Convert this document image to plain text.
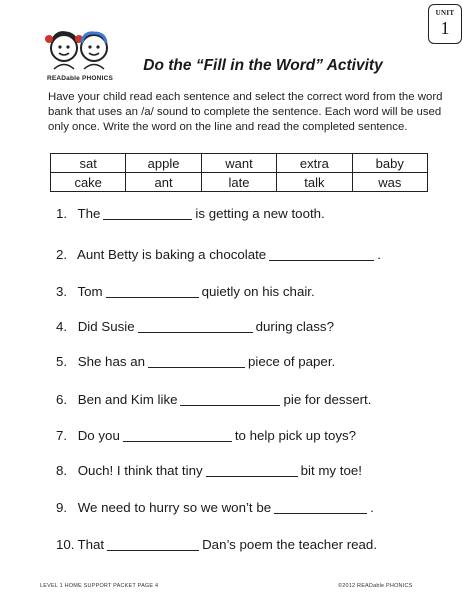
READable PHONICS
UNIT
1
Do the “Fill in the Word” Activity

Have your child read each sentence and select the correct word from the word bank that uses an /a/ sound to complete the sentence. Each word will be used only once. Write the word on the line and read the completed sentence.

sat	apple	want	extra	baby
cake	ant	late	talk	was
1. The	is getting a new tooth.
2. Aunt Betty is baking a chocolate	.
3. Tom	quietly on his chair.
4. Did Susie	during class?
5. She has an	piece of paper.
6. Ben and Kim like	pie for dessert.
7. Do you	to help pick up toys?
8. Ouch! I think that tiny	bit my toe!
9. We need to hurry so we won’t be	.
10. That	Dan’s poem the teacher read.
LEVEL 1 HOME SUPPORT PACKET PAGE 4	©2012 READable PHONICS
